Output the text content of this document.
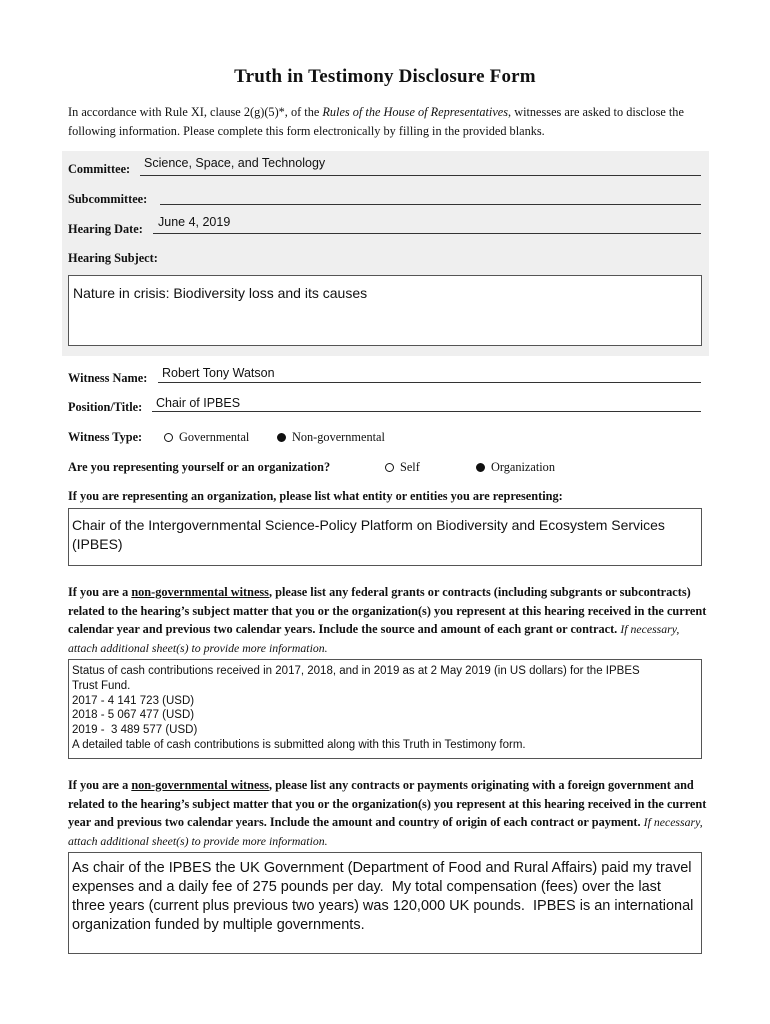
Truth in Testimony Disclosure Form
In accordance with Rule XI, clause 2(g)(5)*, of the Rules of the House of Representatives, witnesses are asked to disclose the following information. Please complete this form electronically by filling in the provided blanks.
Committee: Science, Space, and Technology
Subcommittee:
Hearing Date: June 4, 2019
Hearing Subject:
Nature in crisis: Biodiversity loss and its causes
Witness Name: Robert Tony Watson
Position/Title: Chair of IPBES
Witness Type:	Governmental	Non-governmental
Are you representing yourself or an organization?	Self	Organization
If you are representing an organization, please list what entity or entities you are representing:
Chair of the Intergovernmental Science-Policy Platform on Biodiversity and Ecosystem Services (IPBES)
If you are a non-governmental witness, please list any federal grants or contracts (including subgrants or subcontracts) related to the hearing’s subject matter that you or the organization(s) you represent at this hearing received in the current calendar year and previous two calendar years. Include the source and amount of each grant or contract. If necessary, attach additional sheet(s) to provide more information.
Status of cash contributions received in 2017, 2018, and in 2019 as at 2 May 2019 (in US dollars) for the IPBES
Trust Fund.
2017 - 4 141 723 (USD)
2018 - 5 067 477 (USD)
2019 -  3 489 577 (USD)
A detailed table of cash contributions is submitted along with this Truth in Testimony form.
If you are a non-governmental witness, please list any contracts or payments originating with a foreign government and related to the hearing’s subject matter that you or the organization(s) you represent at this hearing received in the current year and previous two calendar years. Include the amount and country of origin of each contract or payment. If necessary, attach additional sheet(s) to provide more information.
As chair of the IPBES the UK Government (Department of Food and Rural Affairs) paid my travel expenses and a daily fee of 275 pounds per day.  My total compensation (fees) over the last three years (current plus previous two years) was 120,000 UK pounds.  IPBES is an international organization funded by multiple governments.
